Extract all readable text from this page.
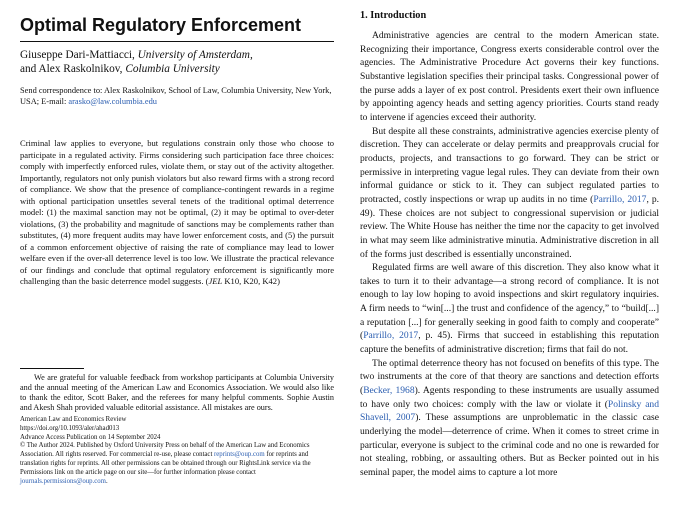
Optimal Regulatory Enforcement
Giuseppe Dari-Mattiacci, University of Amsterdam,
and Alex Raskolnikov, Columbia University
Send correspondence to: Alex Raskolnikov, School of Law, Columbia University, New York, USA; E-mail: arasko@law.columbia.edu
Criminal law applies to everyone, but regulations constrain only those who choose to participate in a regulated activity. Firms considering such participation face three choices: comply with imperfectly enforced rules, violate them, or stay out of the activity altogether. Importantly, regulators not only punish violators but also reward firms with a strong record of compliance. We show that the presence of compliance-contingent rewards in a regime with optional participation unsettles several tenets of the traditional optimal deterrence model: (1) the maximal sanction may not be optimal, (2) it may be optimal to over-deter violations, (3) the probability and magnitude of sanctions may be complements rather than substitutes, (4) more frequent audits may have lower enforcement costs, and (5) the pursuit of a common enforcement objective of raising the rate of compliance may lead to lower welfare even if the over-all deterrence level is too low. We illustrate the practical relevance of our findings and conclude that optimal regulatory enforcement is significantly more challenging than the basic deterrence model suggests. (JEL K10, K20, K42)

We are grateful for valuable feedback from workshop participants at Columbia University and the annual meeting of the American Law and Economics Association. We would also like to thank the editor, Scott Baker, and the referees for many helpful comments. Sophie Austin and Akesh Shah provided valuable editorial assistance. All mistakes are ours.

American Law and Economics Review

https://doi.org/10.1093/aler/ahad013

Advance Access Publication on 14 September 2024

© The Author 2024. Published by Oxford University Press on behalf of the American Law and Economics Association. All rights reserved. For commercial re-use, please contact reprints@oup.com for reprints and translation rights for reprints. All other permissions can be obtained through our RightsLink service via the Permissions link on the article page on our site—for further information please contact journals.permissions@oup.com.

1. Introduction

Administrative agencies are central to the modern American state. Recognizing their importance, Congress exerts considerable control over the agencies. The Administrative Procedure Act governs their key functions. Substantive legislation specifies their principal tasks. Congressional power of the purse adds a layer of ex post control. Presidents exert their own influence by appointing agency heads and setting agency priorities. Courts stand ready to intervene if agencies exceed their authority.

But despite all these constraints, administrative agencies exercise plenty of discretion. They can accelerate or delay permits and preapprovals crucial for products, projects, and transactions to go forward. They can be strict or permissive in interpreting vague legal rules. They can deviate from their own informal guidance or stick to it. They can subject regulated parties to protracted, costly inspections or wrap up audits in no time (Parrillo, 2017, p. 49). These choices are not subject to congressional supervision or judicial review. The White House has neither the time nor the capacity to get involved in what may seem like administrative minutia. Administrative discretion in all of the forms just described is essentially unconstrained.

Regulated firms are well aware of this discretion. They also know what it takes to turn it to their advantage—a strong record of compliance. It is not enough to lay low hoping to avoid inspections and skirt regulatory inquiries. A firm needs to “win[...] the trust and confidence of the agency,” to “build[...] a reputation [...] for generally seeking in good faith to comply and cooperate” (Parrillo, 2017, p. 45). Firms that succeed in establishing this reputation capture the benefits of administrative discretion; firms that fail do not.

The optimal deterrence theory has not focused on benefits of this type. The two instruments at the core of that theory are sanctions and detection efforts (Becker, 1968). Agents responding to these instruments are usually assumed to have only two choices: comply with the law or violate it (Polinsky and Shavell, 2007). These assumptions are unproblematic in the classic case underlying the model—deterrence of crime. When it comes to street crime in particular, everyone is subject to the criminal code and no one is rewarded for not stealing, robbing, or assaulting others. But as Becker pointed out in his seminal paper, the model aims to capture a lot more
